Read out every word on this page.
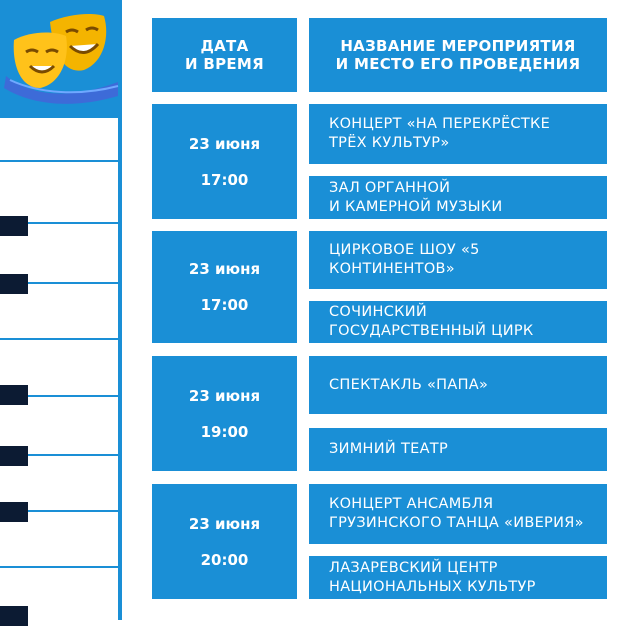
ДАТА
И ВРЕМЯ
НАЗВАНИЕ МЕРОПРИЯТИЯ
И МЕСТО ЕГО ПРОВЕДЕНИЯ
23 июня
17:00
КОНЦЕРТ «НА ПЕРЕКРЁСТКЕ
ТРЁХ КУЛЬТУР»
ЗАЛ ОРГАННОЙ
И КАМЕРНОЙ МУЗЫКИ
23 июня
17:00
ЦИРКОВОЕ ШОУ «5
КОНТИНЕНТОВ»
СОЧИНСКИЙ
ГОСУДАРСТВЕННЫЙ ЦИРК
23 июня
19:00
СПЕКТАКЛЬ «ПАПА»
ЗИМНИЙ ТЕАТР
23 июня
20:00
КОНЦЕРТ АНСАМБЛЯ
ГРУЗИНСКОГО ТАНЦА «ИВЕРИЯ»
ЛАЗАРЕВСКИЙ ЦЕНТР
НАЦИОНАЛЬНЫХ КУЛЬТУР
